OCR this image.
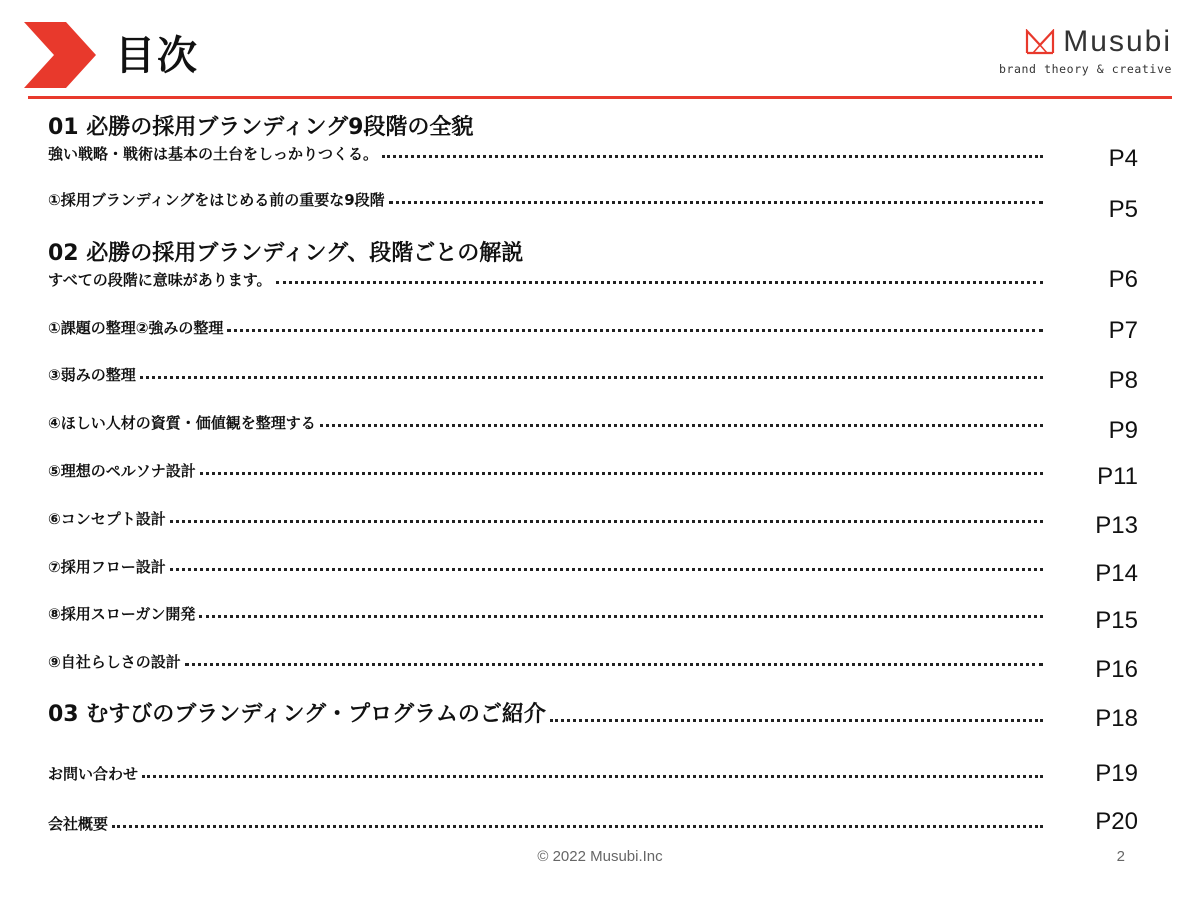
目次	Musubi
brand theory & creative
01 必勝の採用ブランディング9段階の全貌
強い戦略・戦術は基本の土台をしっかりつくる。	P4
①採用ブランディングをはじめる前の重要な9段階	P5
02 必勝の採用ブランディング、段階ごとの解説
すべての段階に意味があります。	P6
①課題の整理②強みの整理	P7
③弱みの整理	P8
④ほしい人材の資質・価値観を整理する	P9
⑤理想のペルソナ設計	P11
⑥コンセプト設計	P13
⑦採用フロー設計	P14
⑧採用スローガン開発	P15
⑨自社らしさの設計	P16
03 むすびのブランディング・プログラムのご紹介	P18
お問い合わせ	P19
会社概要	P20
© 2022 Musubi.Inc	2
